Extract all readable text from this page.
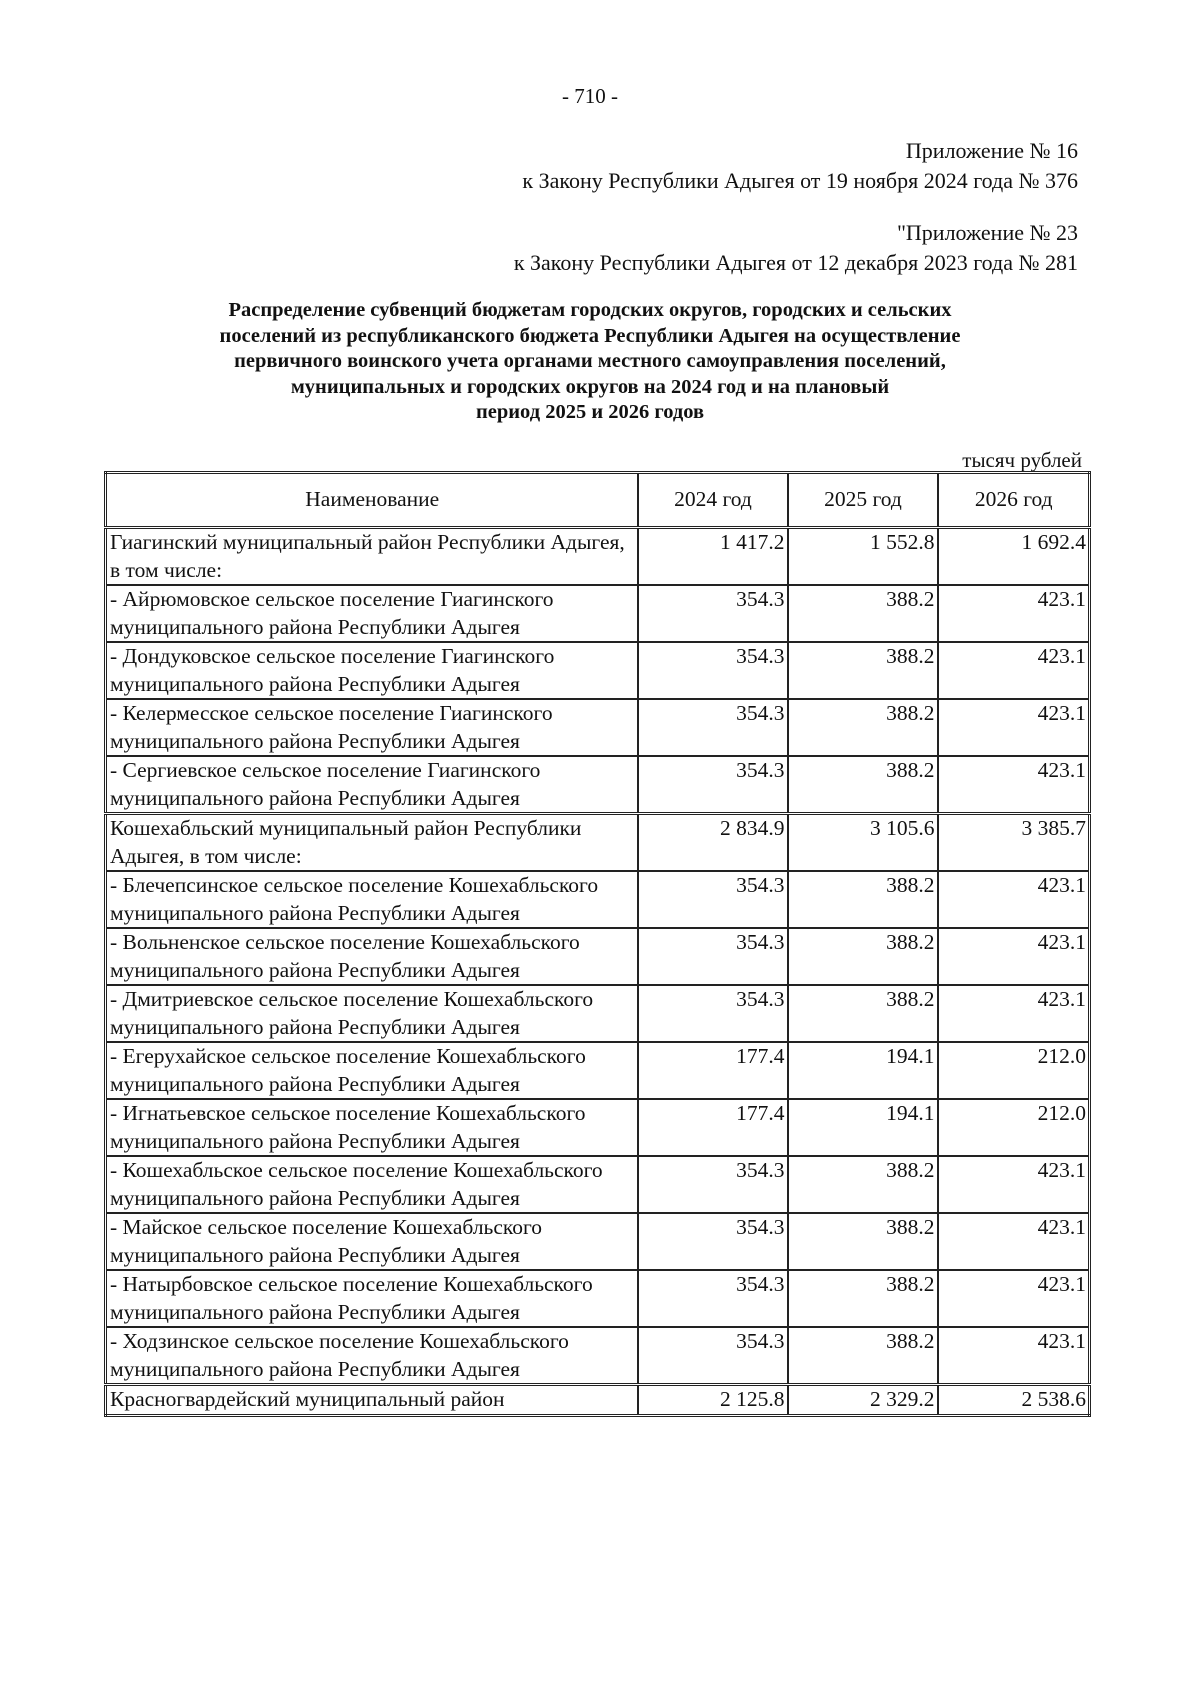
- 710 -
Приложение № 16
к Закону Республики Адыгея от 19 ноября 2024 года № 376
"Приложение № 23
к Закону Республики Адыгея от 12 декабря 2023 года № 281
Распределение субвенций бюджетам городских округов, городских и сельских
поселений из республиканского бюджета Республики Адыгея на осуществление
первичного воинского учета органами местного самоуправления поселений,
муниципальных и городских округов на 2024 год и на плановый
период 2025 и 2026 годов
тысяч рублей
Наименование	2024 год	2025 год	2026 год
Гиагинский муниципальный район Республики Адыгея, в том числе:	1 417.2	1 552.8	1 692.4
- Айрюмовское сельское поселение Гиагинского муниципального района Республики Адыгея	354.3	388.2	423.1
- Дондуковское сельское поселение Гиагинского муниципального района Республики Адыгея	354.3	388.2	423.1
- Келермесское сельское поселение Гиагинского муниципального района Республики Адыгея	354.3	388.2	423.1
- Сергиевское сельское поселение Гиагинского муниципального района Республики Адыгея	354.3	388.2	423.1
Кошехабльский муниципальный район Республики Адыгея, в том числе:	2 834.9	3 105.6	3 385.7
- Блечепсинское сельское поселение Кошехабльского муниципального района Республики Адыгея	354.3	388.2	423.1
- Вольненское сельское поселение Кошехабльского муниципального района Республики Адыгея	354.3	388.2	423.1
- Дмитриевское сельское поселение Кошехабльского муниципального района Республики Адыгея	354.3	388.2	423.1
- Егерухайское сельское поселение Кошехабльского муниципального района Республики Адыгея	177.4	194.1	212.0
- Игнатьевское сельское поселение Кошехабльского муниципального района Республики Адыгея	177.4	194.1	212.0
- Кошехабльское сельское поселение Кошехабльского муниципального района Республики Адыгея	354.3	388.2	423.1
- Майское сельское поселение Кошехабльского муниципального района Республики Адыгея	354.3	388.2	423.1
- Натырбовское сельское поселение Кошехабльского муниципального района Республики Адыгея	354.3	388.2	423.1
- Ходзинское сельское поселение Кошехабльского муниципального района Республики Адыгея	354.3	388.2	423.1
Красногвардейский муниципальный район	2 125.8	2 329.2	2 538.6
